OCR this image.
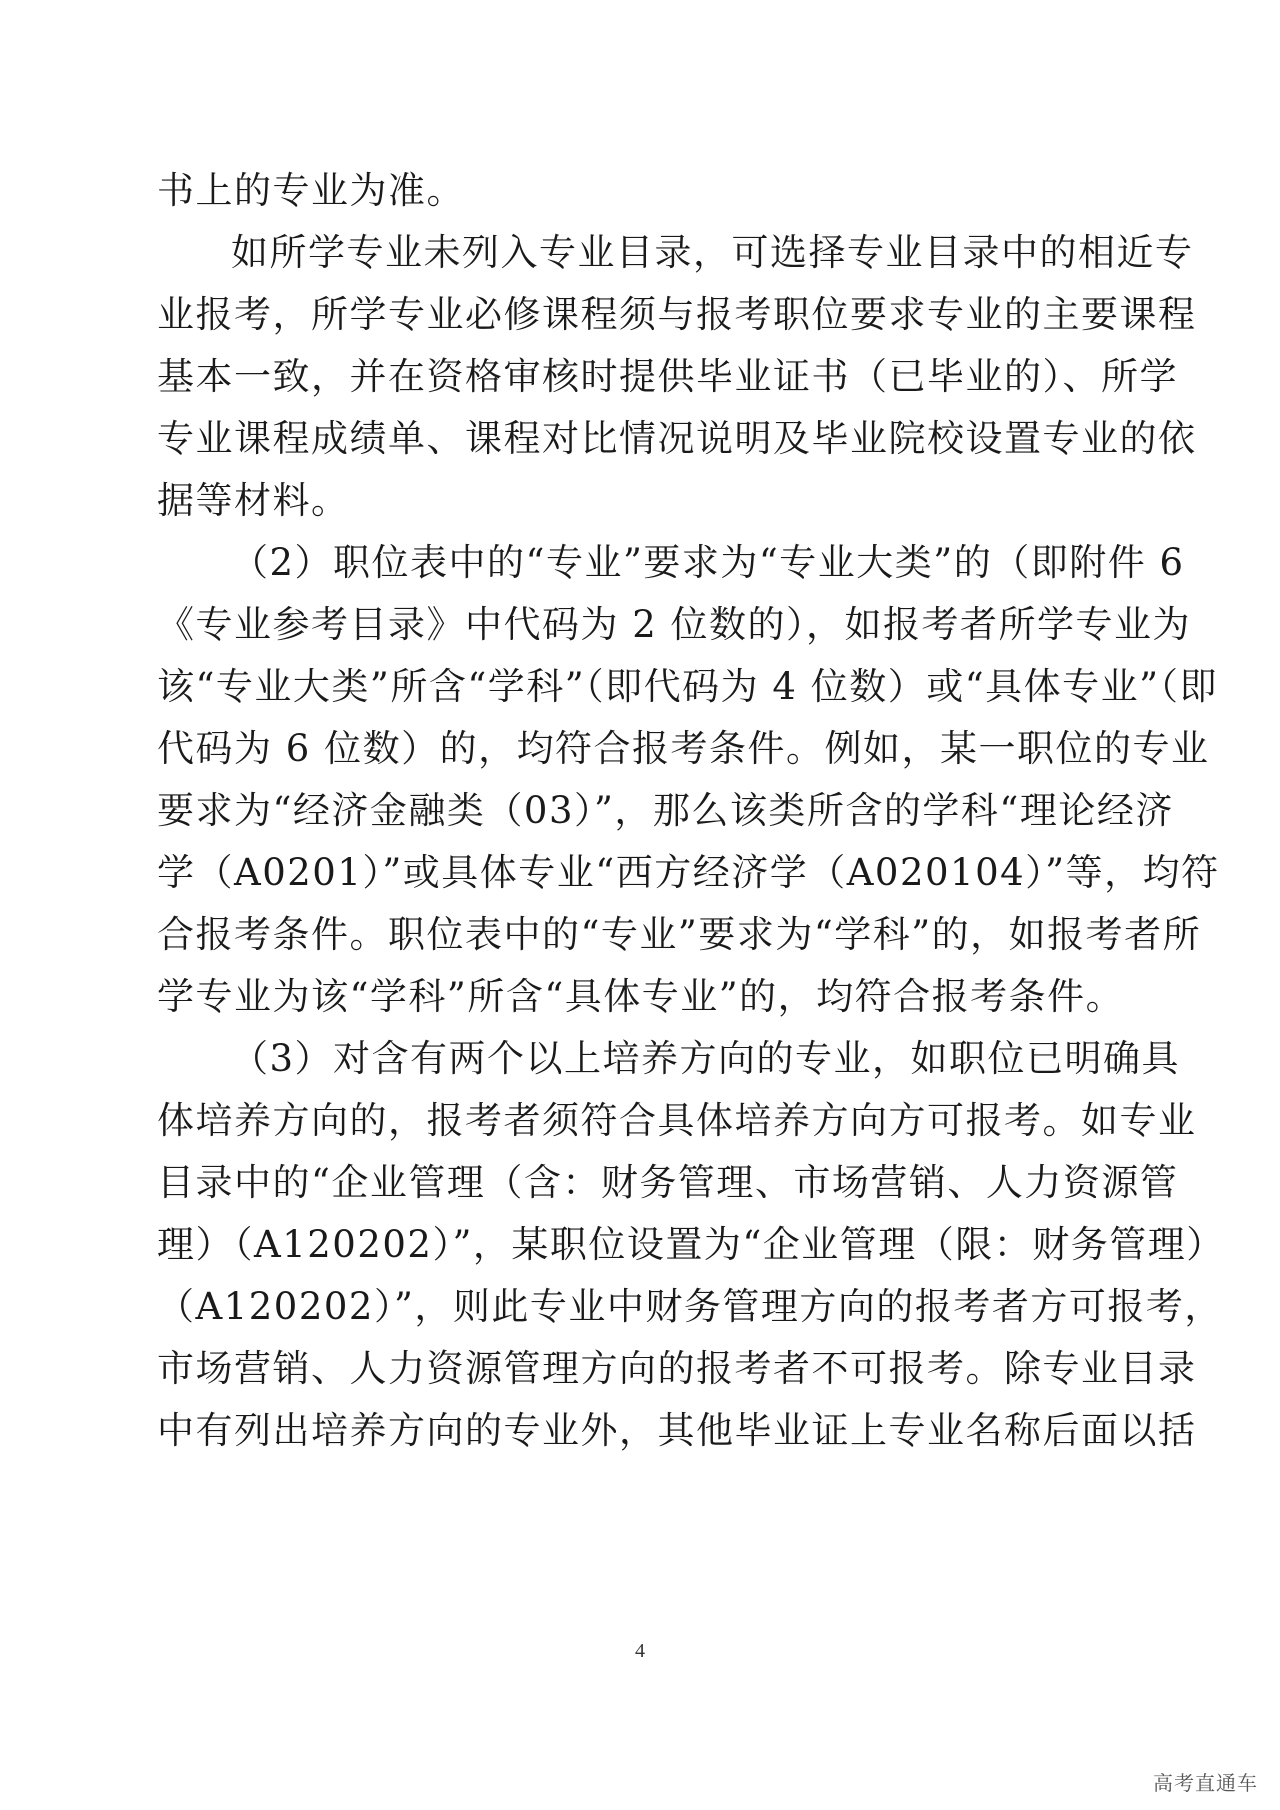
书上的专业为准。
如所学专业未列入专业目录，可选择专业目录中的相近专
业报考，所学专业必修课程须与报考职位要求专业的主要课程
基本一致，并在资格审核时提供毕业证书（已毕业的）、所学
专业课程成绩单、课程对比情况说明及毕业院校设置专业的依
据等材料。
（2）职位表中的“专业”要求为“专业大类”的（即附件 6
《专业参考目录》中代码为 2 位数的），如报考者所学专业为
该“专业大类”所含“学科”（即代码为 4 位数）或“具体专业”（即
代码为 6 位数）的，均符合报考条件。例如，某一职位的专业
要求为“经济金融类（03）”，那么该类所含的学科“理论经济
学（A0201）”或具体专业“西方经济学（A020104）”等，均符
合报考条件。职位表中的“专业”要求为“学科”的，如报考者所
学专业为该“学科”所含“具体专业”的，均符合报考条件。
（3）对含有两个以上培养方向的专业，如职位已明确具
体培养方向的，报考者须符合具体培养方向方可报考。如专业
目录中的“企业管理（含：财务管理、市场营销、人力资源管
理）（A120202）”，某职位设置为“企业管理（限：财务管理）
（A120202）”，则此专业中财务管理方向的报考者方可报考，
市场营销、人力资源管理方向的报考者不可报考。除专业目录
中有列出培养方向的专业外，其他毕业证上专业名称后面以括
4
高考直通车
